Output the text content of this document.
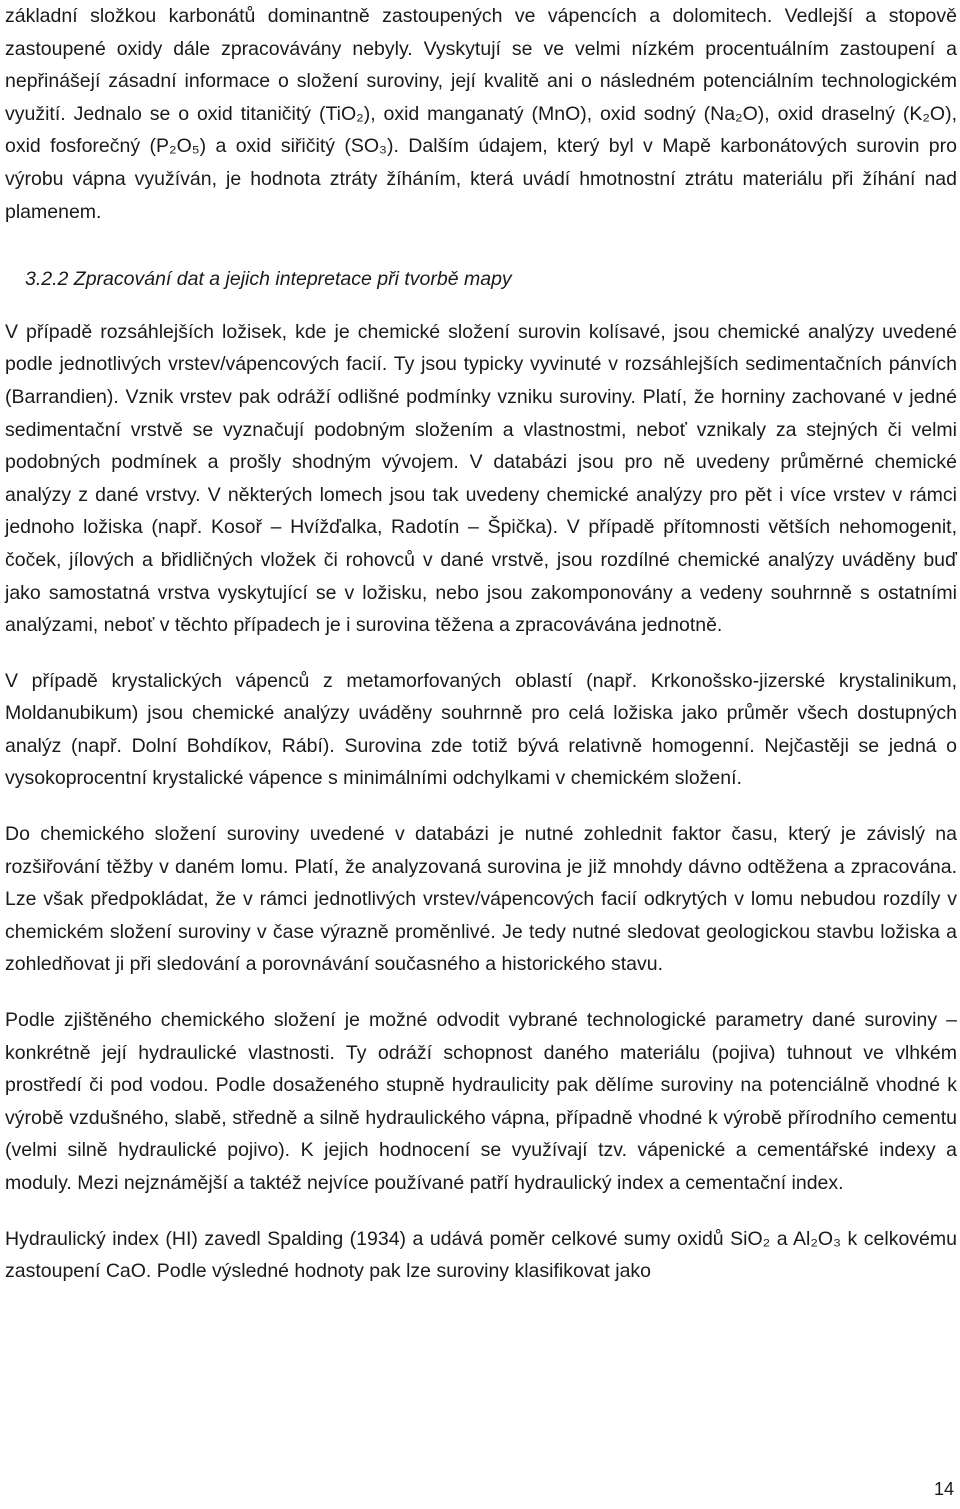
základní složkou karbonátů dominantně zastoupených ve vápencích a dolomitech. Vedlejší a stopově zastoupené oxidy dále zpracovávány nebyly. Vyskytují se ve velmi nízkém procentuálním zastoupení a nepřinášejí zásadní informace o složení suroviny, její kvalitě ani o následném potenciálním technologickém využití. Jednalo se o oxid titaničitý (TiO₂), oxid manganatý (MnO), oxid sodný (Na₂O), oxid draselný (K₂O), oxid fosforečný (P₂O₅) a oxid siřičitý (SO₃). Dalším údajem, který byl v Mapě karbonátových surovin pro výrobu vápna využíván, je hodnota ztráty žíháním, která uvádí hmotnostní ztrátu materiálu při žíhání nad plamenem.

3.2.2 Zpracování dat a jejich intepretace při tvorbě mapy

V případě rozsáhlejších ložisek, kde je chemické složení surovin kolísavé, jsou chemické analýzy uvedené podle jednotlivých vrstev/vápencových facií. Ty jsou typicky vyvinuté v rozsáhlejších sedimentačních pánvích (Barrandien). Vznik vrstev pak odráží odlišné podmínky vzniku suroviny. Platí, že horniny zachované v jedné sedimentační vrstvě se vyznačují podobným složením a vlastnostmi, neboť vznikaly za stejných či velmi podobných podmínek a prošly shodným vývojem. V databázi jsou pro ně uvedeny průměrné chemické analýzy z dané vrstvy. V některých lomech jsou tak uvedeny chemické analýzy pro pět i více vrstev v rámci jednoho ložiska (např. Kosoř – Hvížďalka, Radotín – Špička). V případě přítomnosti větších nehomogenit, čoček, jílových a břidličných vložek či rohovců v dané vrstvě, jsou rozdílné chemické analýzy uváděny buď jako samostatná vrstva vyskytující se v ložisku, nebo jsou zakomponovány a vedeny souhrnně s ostatními analýzami, neboť v těchto případech je i surovina těžena a zpracovávána jednotně.

V případě krystalických vápenců z metamorfovaných oblastí (např. Krkonošsko-jizerské krystalinikum, Moldanubikum) jsou chemické analýzy uváděny souhrnně pro celá ložiska jako průměr všech dostupných analýz (např. Dolní Bohdíkov, Rábí). Surovina zde totiž bývá relativně homogenní. Nejčastěji se jedná o vysokoprocentní krystalické vápence s minimálními odchylkami v chemickém složení.

Do chemického složení suroviny uvedené v databázi je nutné zohlednit faktor času, který je závislý na rozšiřování těžby v daném lomu. Platí, že analyzovaná surovina je již mnohdy dávno odtěžena a zpracována. Lze však předpokládat, že v rámci jednotlivých vrstev/vápencových facií odkrytých v lomu nebudou rozdíly v chemickém složení suroviny v čase výrazně proměnlivé. Je tedy nutné sledovat geologickou stavbu ložiska a zohledňovat ji při sledování a porovnávání současného a historického stavu.

Podle zjištěného chemického složení je možné odvodit vybrané technologické parametry dané suroviny – konkrétně její hydraulické vlastnosti. Ty odráží schopnost daného materiálu (pojiva) tuhnout ve vlhkém prostředí či pod vodou. Podle dosaženého stupně hydraulicity pak dělíme suroviny na potenciálně vhodné k výrobě vzdušného, slabě, středně a silně hydraulického vápna, případně vhodné k výrobě přírodního cementu (velmi silně hydraulické pojivo). K jejich hodnocení se využívají tzv. vápenické a cementářské indexy a moduly. Mezi nejznámější a taktéž nejvíce používané patří hydraulický index a cementační index.

Hydraulický index (HI) zavedl Spalding (1934) a udává poměr celkové sumy oxidů SiO₂ a Al₂O₃ k celkovému zastoupení CaO. Podle výsledné hodnoty pak lze suroviny klasifikovat jako

14
